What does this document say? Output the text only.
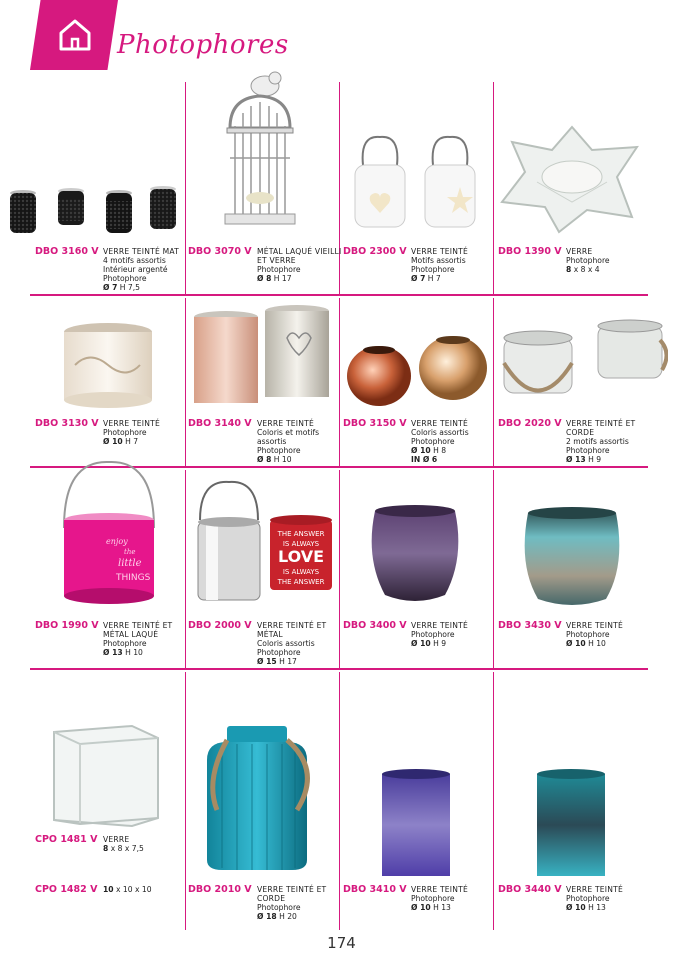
Photophores
enjoy
the
little
THINGS
THE ANSWER
IS ALWAYS
LOVE
IS ALWAYS
THE ANSWER
DBO 3160 V VERRE TEINTÉ MAT
4 motifs assortis
Intérieur argenté
Photophore
Ø 7 H 7,5
DBO 3070 V MÉTAL LAQUÉ VIEILLI ET VERRE
Photophore
Ø 8 H 17
DBO 2300 V VERRE TEINTÉ
Motifs assortis
Photophore
Ø 7 H 7
DBO 1390 V VERRE
Photophore
8 x 8 x 4
DBO 3130 V VERRE TEINTÉ
Photophore
Ø 10 H 7
DBO 3140 V VERRE TEINTÉ
Coloris et motifs assortis
Photophore
Ø 8 H 10
DBO 3150 V VERRE TEINTÉ
Coloris assortis
Photophore
Ø 10 H 8
IN Ø 6
DBO 2020 V VERRE TEINTÉ ET CORDE
2 motifs assortis
Photophore
Ø 13 H 9
DBO 1990 V VERRE TEINTÉ ET MÉTAL LAQUÉ
Photophore
Ø 13 H 10
DBO 2000 V VERRE TEINTÉ ET MÉTAL
Coloris assortis
Photophore
Ø 15 H 17
DBO 3400 V VERRE TEINTÉ
Photophore
Ø 10 H 9
DBO 3430 V VERRE TEINTÉ
Photophore
Ø 10 H 10
CPO 1481 V VERRE
8 x 8 x 7,5
CPO 1482 V 10 x 10 x 10	DBO 2010 V VERRE TEINTÉ ET CORDE
Photophore
Ø 18 H 20
DBO 3410 V VERRE TEINTÉ
Photophore
Ø 10 H 13
DBO 3440 V VERRE TEINTÉ
Photophore
Ø 10 H 13
174
